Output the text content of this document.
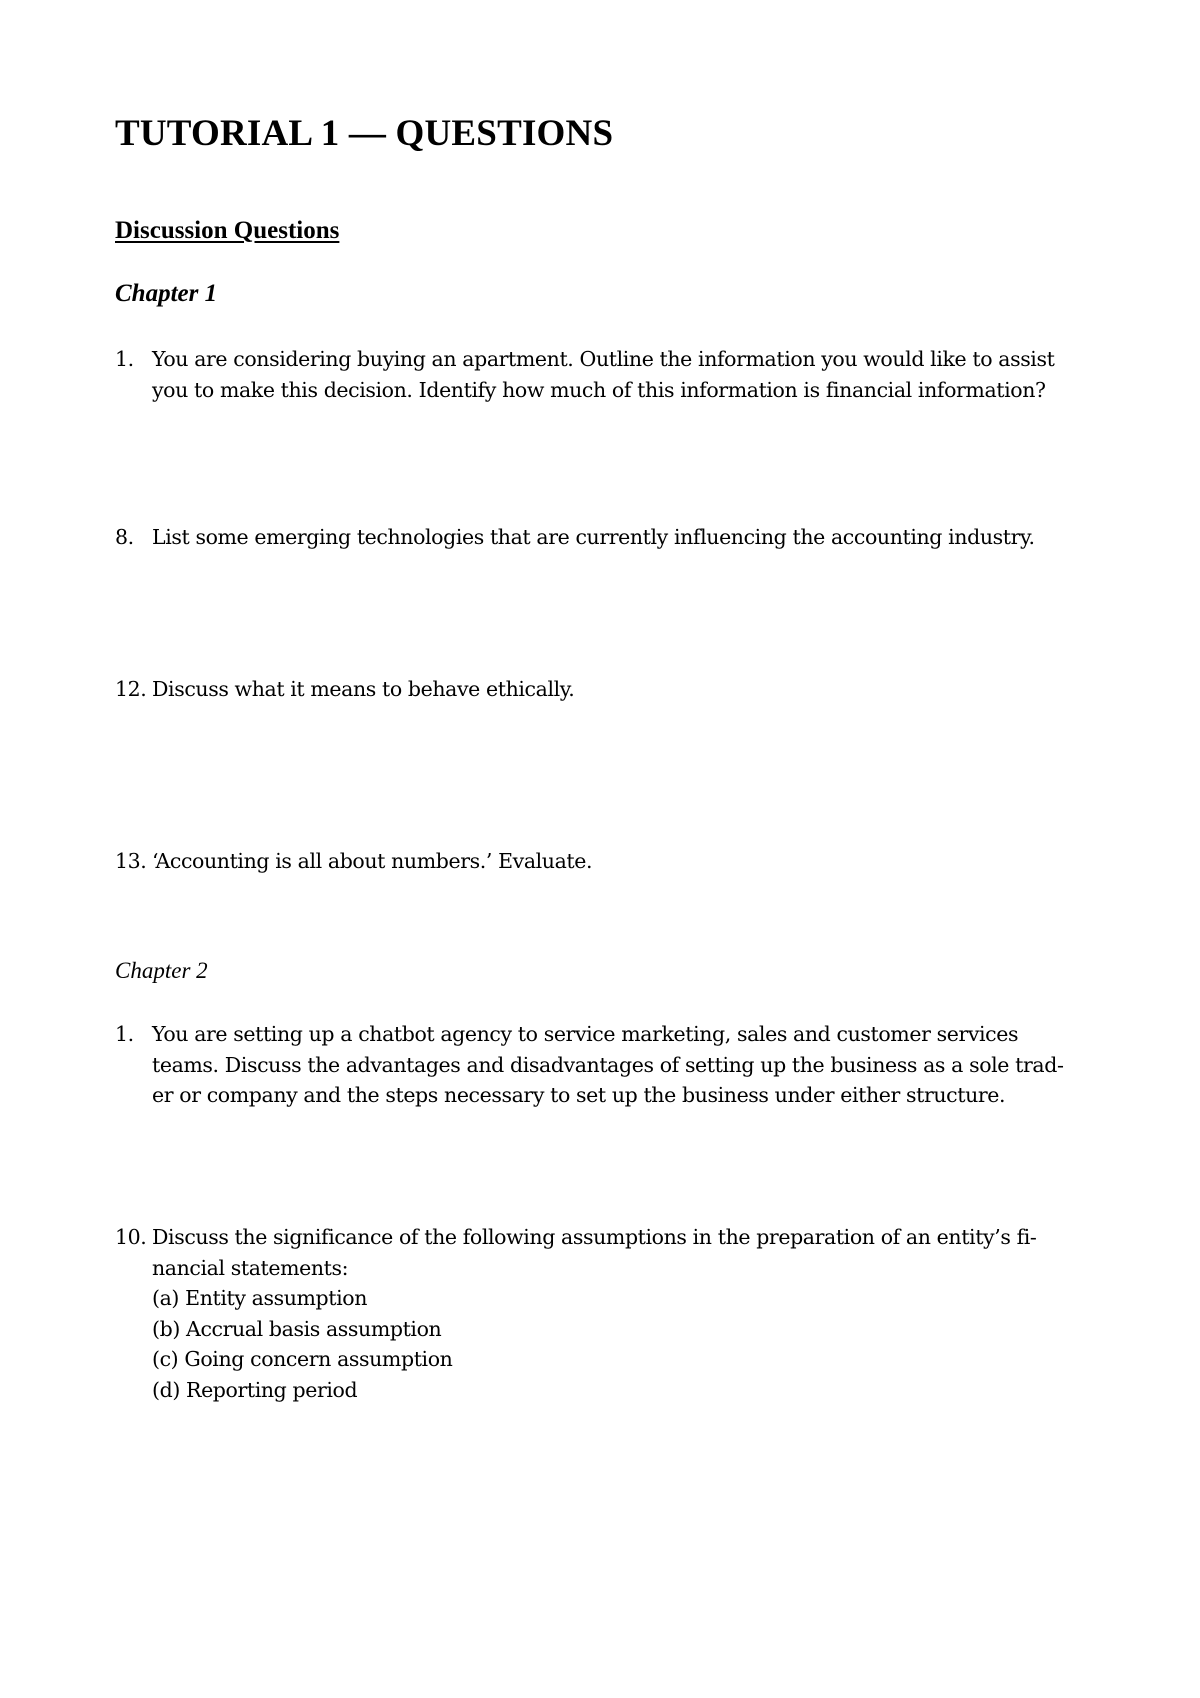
TUTORIAL 1 — QUESTIONS
Discussion Questions
Chapter 1
1. You are considering buying an apartment. Outline the information you would like to assist
you to make this decision. Identify how much of this information is financial information?
8. List some emerging technologies that are currently influencing the accounting industry.
12. Discuss what it means to behave ethically.
13. ‘Accounting is all about numbers.’ Evaluate.
Chapter 2
1. You are setting up a chatbot agency to service marketing, sales and customer services
teams. Discuss the advantages and disadvantages of setting up the business as a sole trad-
er or company and the steps necessary to set up the business under either structure.
10. Discuss the significance of the following assumptions in the preparation of an entity’s fi-
nancial statements:
(a) Entity assumption
(b) Accrual basis assumption
(c) Going concern assumption
(d) Reporting period
